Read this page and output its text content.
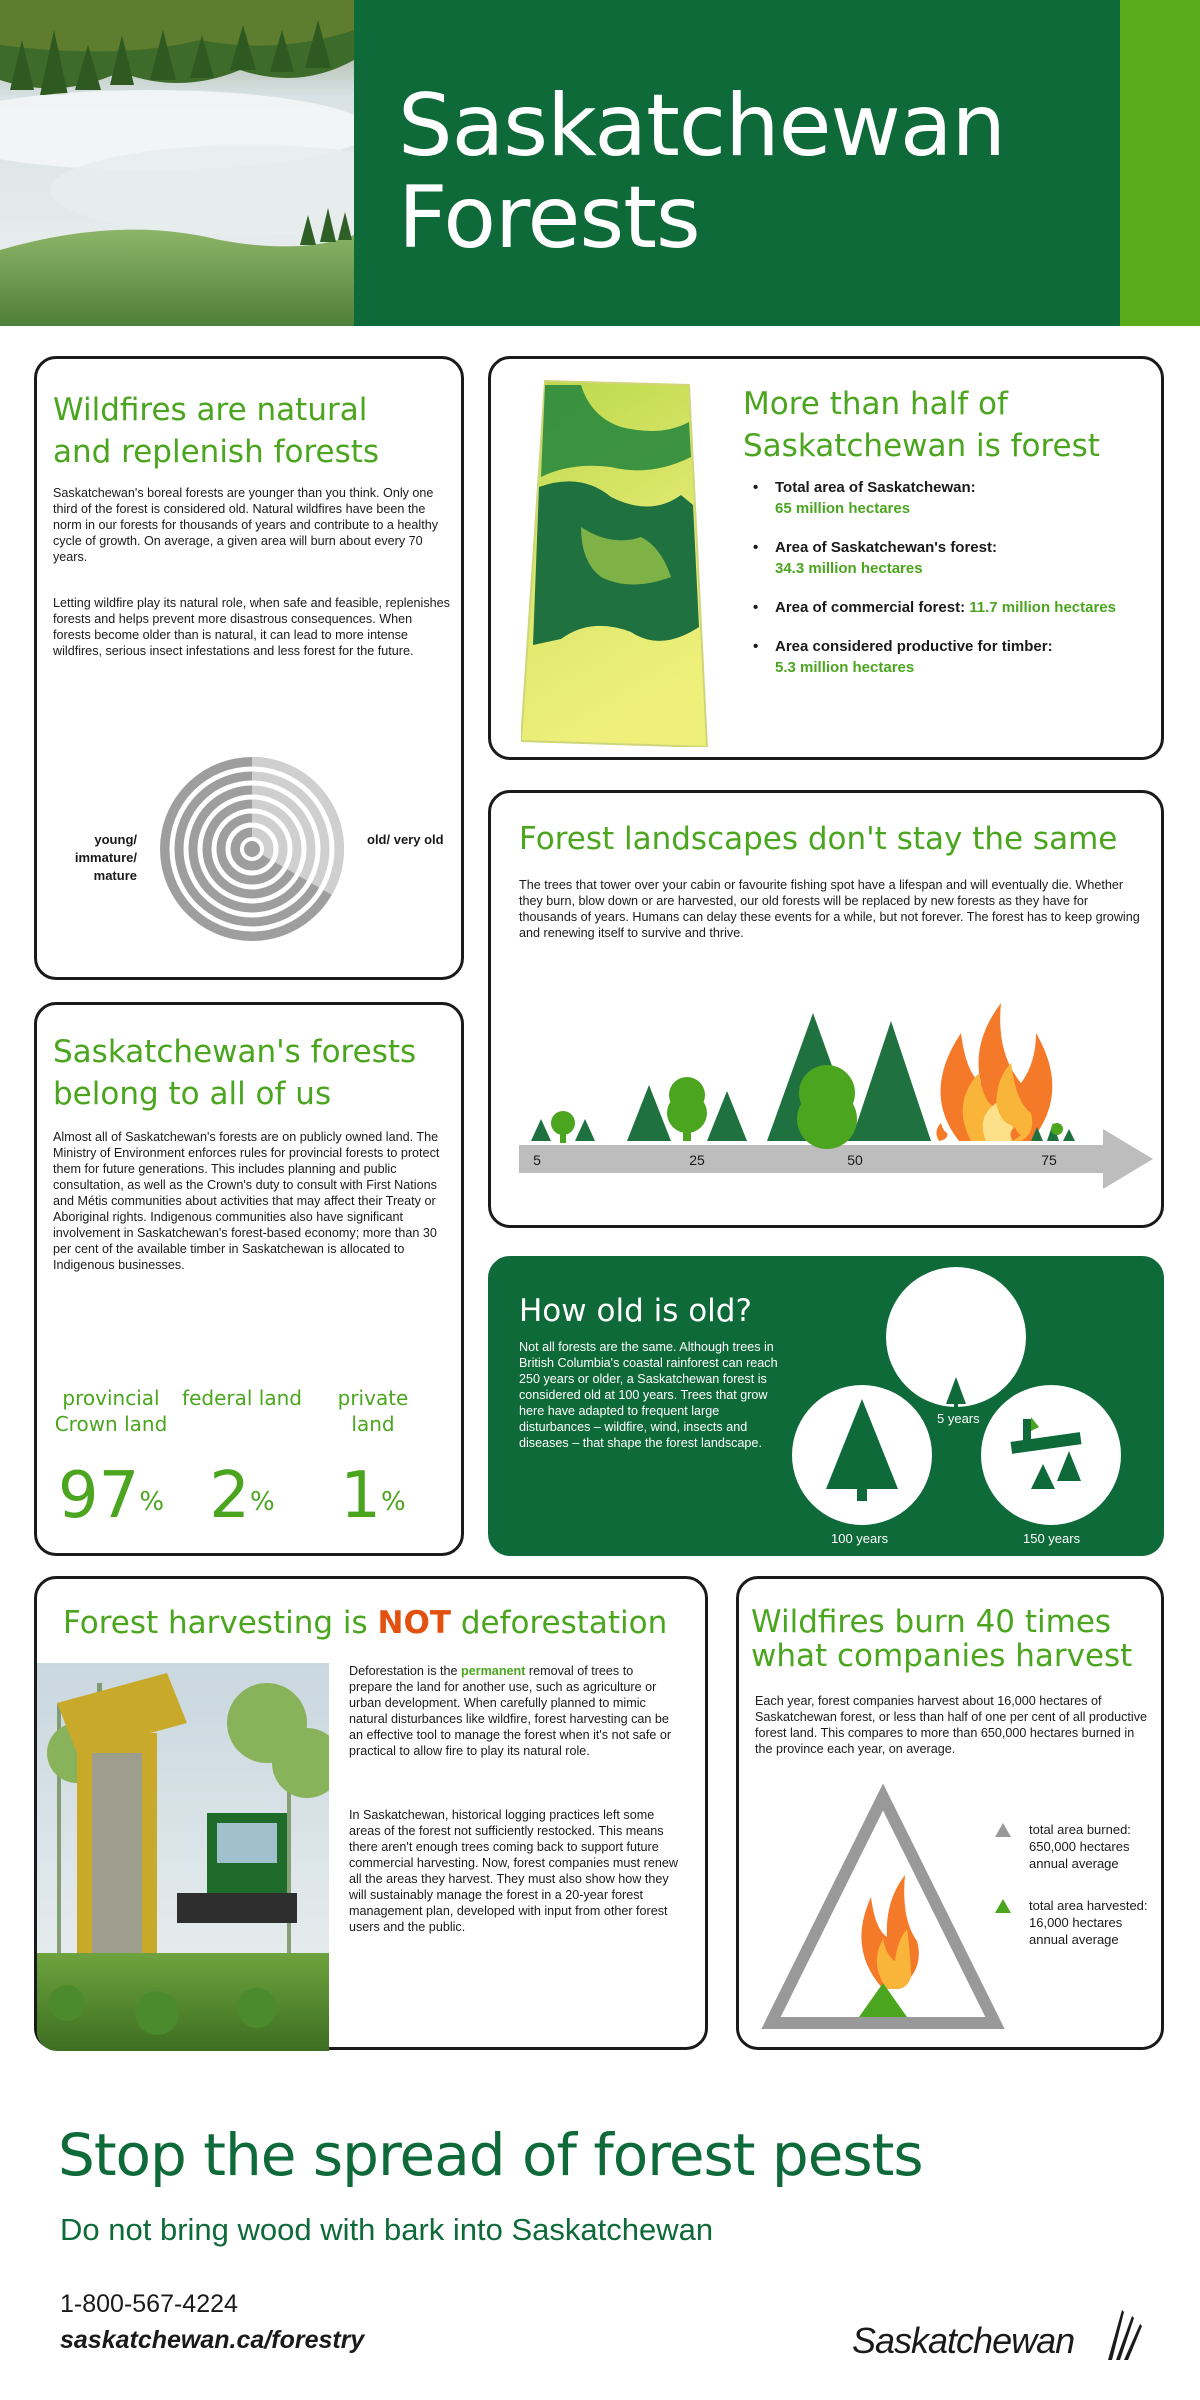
Saskatchewan
Forests
Wildfires are natural and replenish forests

Saskatchewan's boreal forests are younger than you think. Only one third of the forest is considered old. Natural wildfires have been the norm in our forests for thousands of years and contribute to a healthy cycle of growth. On average, a given area will burn about every 70 years.

Letting wildfire play its natural role, when safe and feasible, replenishes forests and helps prevent more disastrous consequences. When forests become older than is natural, it can lead to more intense wildfires, serious insect infestations and less forest for the future.

young/ immature/ mature
old/ very old
More than half of Saskatchewan is forest
• Total area of Saskatchewan:
65 million hectares
• Area of Saskatchewan's forest:
34.3 million hectares
• Area of commercial forest: 11.7 million hectares
• Area considered productive for timber:
5.3 million hectares
Forest landscapes don't stay the same

The trees that tower over your cabin or favourite fishing spot have a lifespan and will eventually die. Whether they burn, blow down or are harvested, our old forests will be replaced by new forests as they have for thousands of years. Humans can delay these events for a while, but not forever. The forest has to keep growing and renewing itself to survive and thrive.

5	25	50	75
Saskatchewan's forests belong to all of us

Almost all of Saskatchewan's forests are on publicly owned land. The Ministry of Environment enforces rules for provincial forests to protect them for future generations. This includes planning and public consultation, as well as the Crown's duty to consult with First Nations and Métis communities about activities that may affect their Treaty or Aboriginal rights. Indigenous communities also have significant involvement in Saskatchewan's forest-based economy; more than 30 per cent of the available timber in Saskatchewan is allocated to Indigenous businesses.

provincial Crown land
97%
federal land
2%
private land
1%
How old is old?

Not all forests are the same. Although trees in British Columbia's coastal rainforest can reach 250 years or older, a Saskatchewan forest is considered old at 100 years. Trees that grow here have adapted to frequent large disturbances – wildfire, wind, insects and diseases – that shape the forest landscape.

5 years
100 years	150 years
Forest harvesting is NOT deforestation

Deforestation is the permanent removal of trees to prepare the land for another use, such as agriculture or urban development. When carefully planned to mimic natural disturbances like wildfire, forest harvesting can be an effective tool to manage the forest when it's not safe or practical to allow fire to play its natural role.

In Saskatchewan, historical logging practices left some areas of the forest not sufficiently restocked. This means there aren't enough trees coming back to support future commercial harvesting. Now, forest companies must renew all the areas they harvest. They must also show how they will sustainably manage the forest in a 20-year forest management plan, developed with input from other forest users and the public.

Wildfires burn 40 times what companies harvest

Each year, forest companies harvest about 16,000 hectares of Saskatchewan forest, or less than half of one per cent of all productive forest land. This compares to more than 650,000 hectares burned in the province each year, on average.

total area burned: 650,000 hectares annual average
total area harvested: 16,000 hectares annual average
Stop the spread of forest pests
Do not bring wood with bark into Saskatchewan
1-800-567-4224
saskatchewan.ca/forestry	Saskatchewan
